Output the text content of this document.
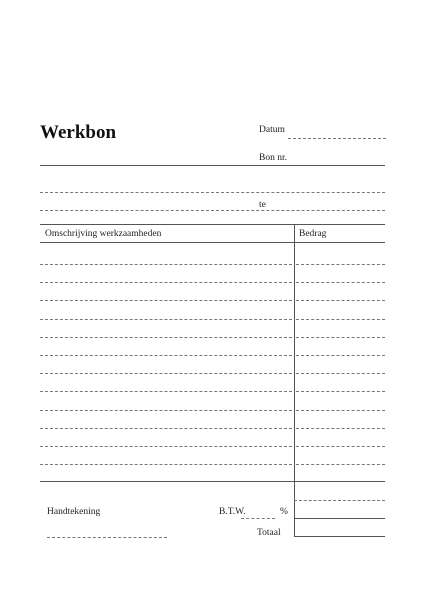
Werkbon	Datum
Bon nr.
te
Omschrijving werkzaamheden	Bedrag
Handtekening	B.T.W.	%
Totaal
